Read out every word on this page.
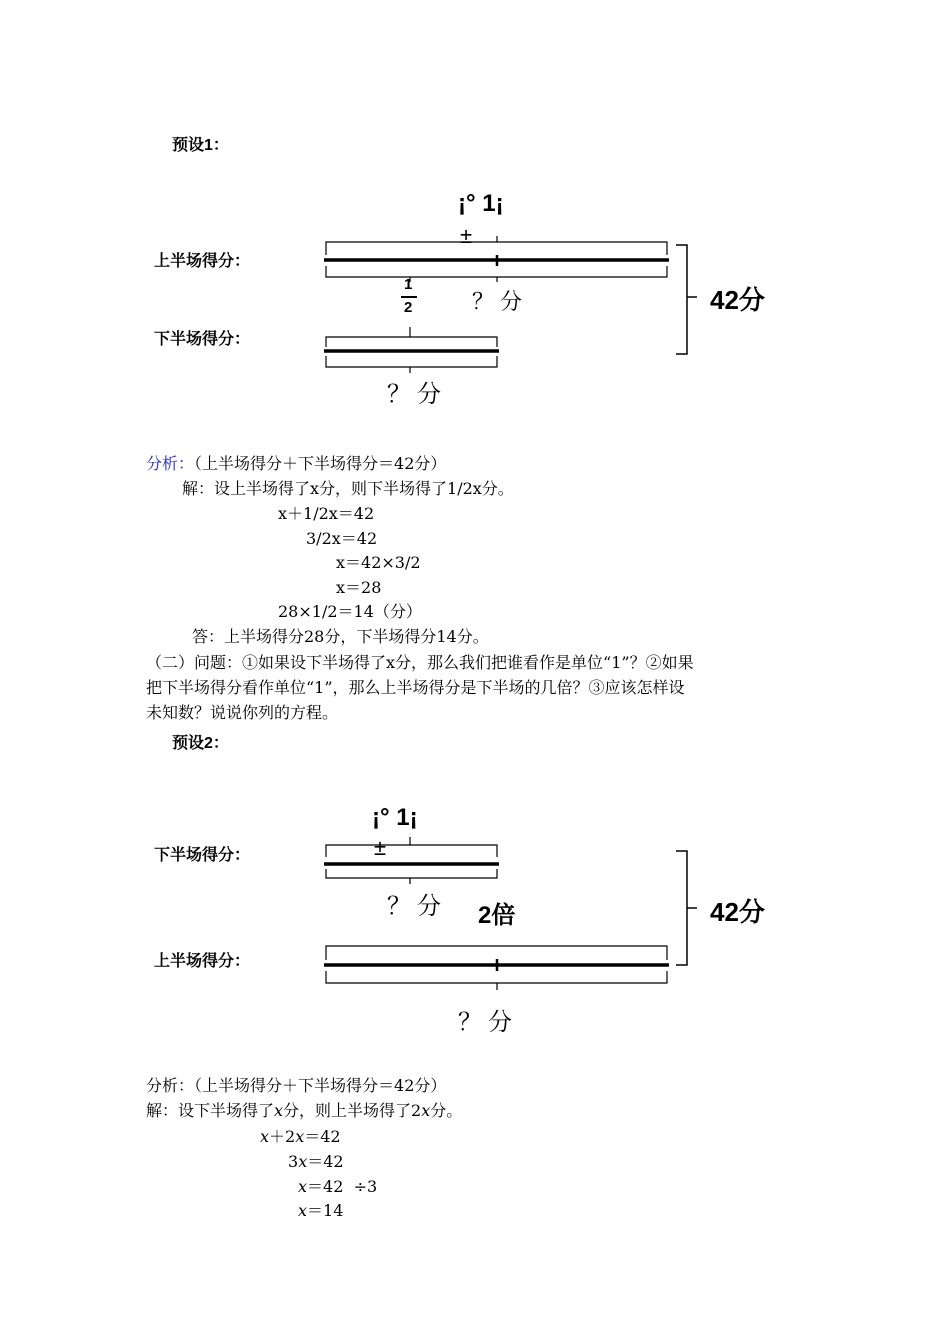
预设1：
¡° 1¡
±
上半场得分：
下半场得分：
1
2	？分
？分
42分
分析：（上半场得分＋下半场得分＝42分）
解：设上半场得了x分，则下半场得了1/2x分。
x＋1/2x＝42
3/2x＝42
x＝42×3/2
x＝28
28×1/2＝14（分）
答：上半场得分28分，下半场得分14分。
（二）问题：①如果设下半场得了x分，那么我们把谁看作是单位“1”？②如果
把下半场得分看作单位“1”，那么上半场得分是下半场的几倍？③应该怎样设
未知数？说说你列的方程。
预设2：
¡° 1¡
±
下半场得分：
上半场得分：
？分 2倍
？分
42分
分析：（上半场得分＋下半场得分＝42分）
解：设下半场得了x分，则上半场得了2x分。
x＋2x＝42
3x＝42
x＝42  ÷3
x＝14
